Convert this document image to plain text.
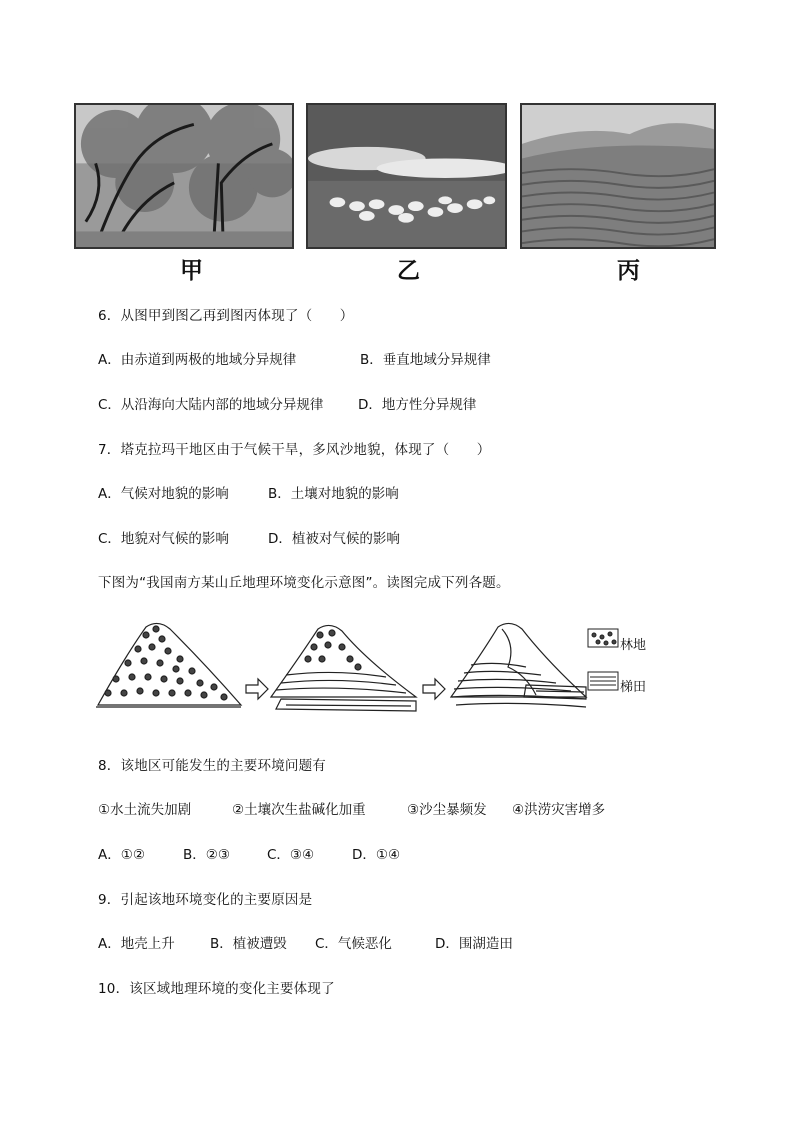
甲	乙	丙
6．从图甲到图乙再到图丙体现了（　　）
A．由赤道到两极的地域分异规律	B．垂直地域分异规律
C．从沿海向大陆内部的地域分异规律	D．地方性分异规律
7．塔克拉玛干地区由于气候干旱，多风沙地貌，体现了（　　）
A．气候对地貌的影响	B．土壤对地貌的影响
C．地貌对气候的影响	D．植被对气候的影响
下图为“我国南方某山丘地理环境变化示意图”。读图完成下列各题。
林地
梯田
8．该地区可能发生的主要环境问题有
①水土流失加剧	②土壤次生盐碱化加重	③沙尘暴频发 ④洪涝灾害增多
A．①②	B．②③	C．③④	D．①④
9．引起该地环境变化的主要原因是
A．地壳上升	B．植被遭毁 C．气候恶化	D．围湖造田
10．该区域地理环境的变化主要体现了
